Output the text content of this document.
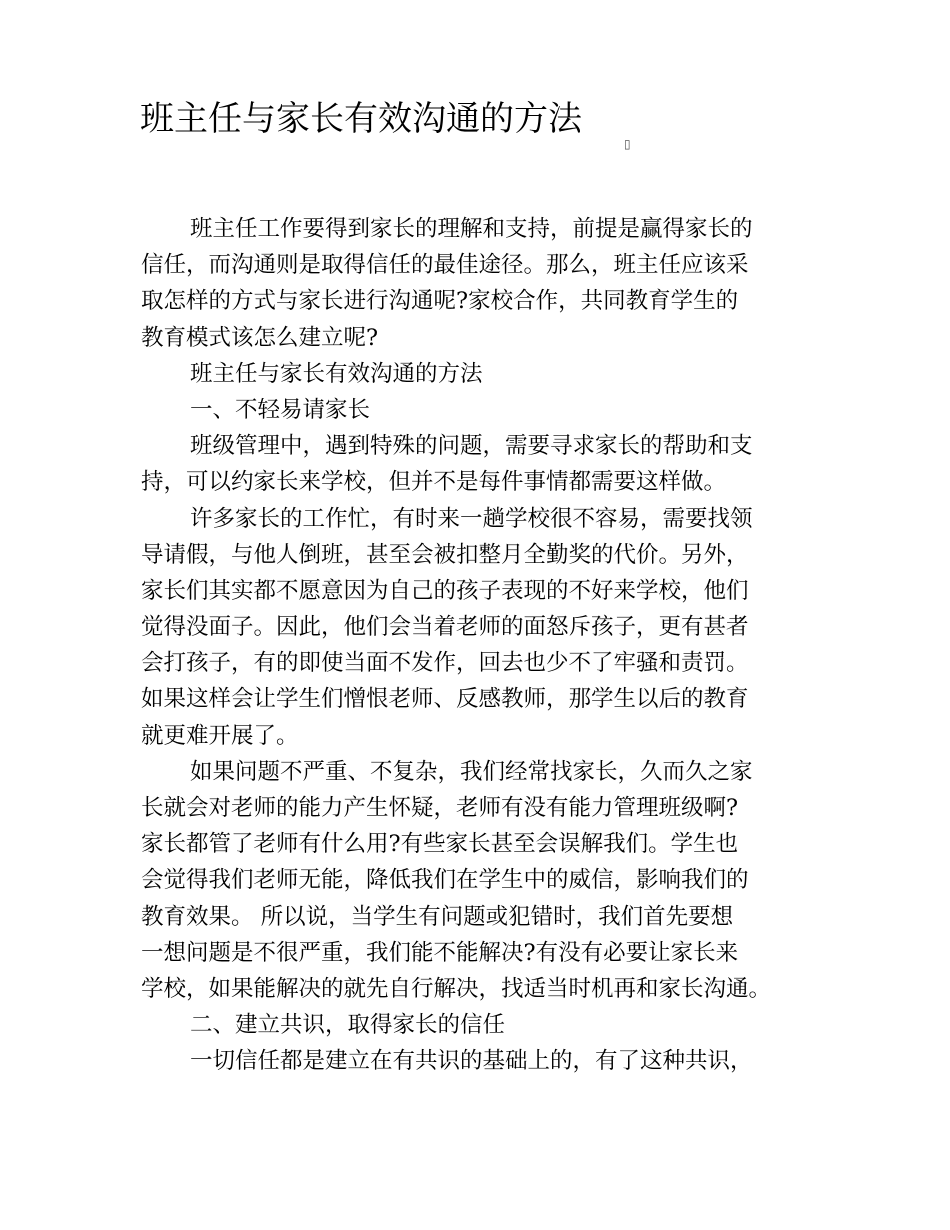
班主任与家长有效沟通的方法
▯
班主任工作要得到家长的理解和支持，前提是赢得家长的
信任，而沟通则是取得信任的最佳途径。那么，班主任应该采
取怎样的方式与家长进行沟通呢?家校合作，共同教育学生的
教育模式该怎么建立呢?
班主任与家长有效沟通的方法
一、不轻易请家长
班级管理中，遇到特殊的问题，需要寻求家长的帮助和支
持，可以约家长来学校，但并不是每件事情都需要这样做。
许多家长的工作忙，有时来一趟学校很不容易，需要找领
导请假，与他人倒班，甚至会被扣整月全勤奖的代价。另外，
家长们其实都不愿意因为自己的孩子表现的不好来学校，他们
觉得没面子。因此，他们会当着老师的面怒斥孩子，更有甚者
会打孩子，有的即使当面不发作，回去也少不了牢骚和责罚。
如果这样会让学生们憎恨老师、反感教师，那学生以后的教育
就更难开展了。
如果问题不严重、不复杂，我们经常找家长，久而久之家
长就会对老师的能力产生怀疑，老师有没有能力管理班级啊?
家长都管了老师有什么用?有些家长甚至会误解我们。学生也
会觉得我们老师无能，降低我们在学生中的威信，影响我们的
教育效果。 所以说，当学生有问题或犯错时，我们首先要想
一想问题是不很严重，我们能不能解决?有没有必要让家长来
学校，如果能解决的就先自行解决，找适当时机再和家长沟通。
二、建立共识，取得家长的信任
一切信任都是建立在有共识的基础上的，有了这种共识，
